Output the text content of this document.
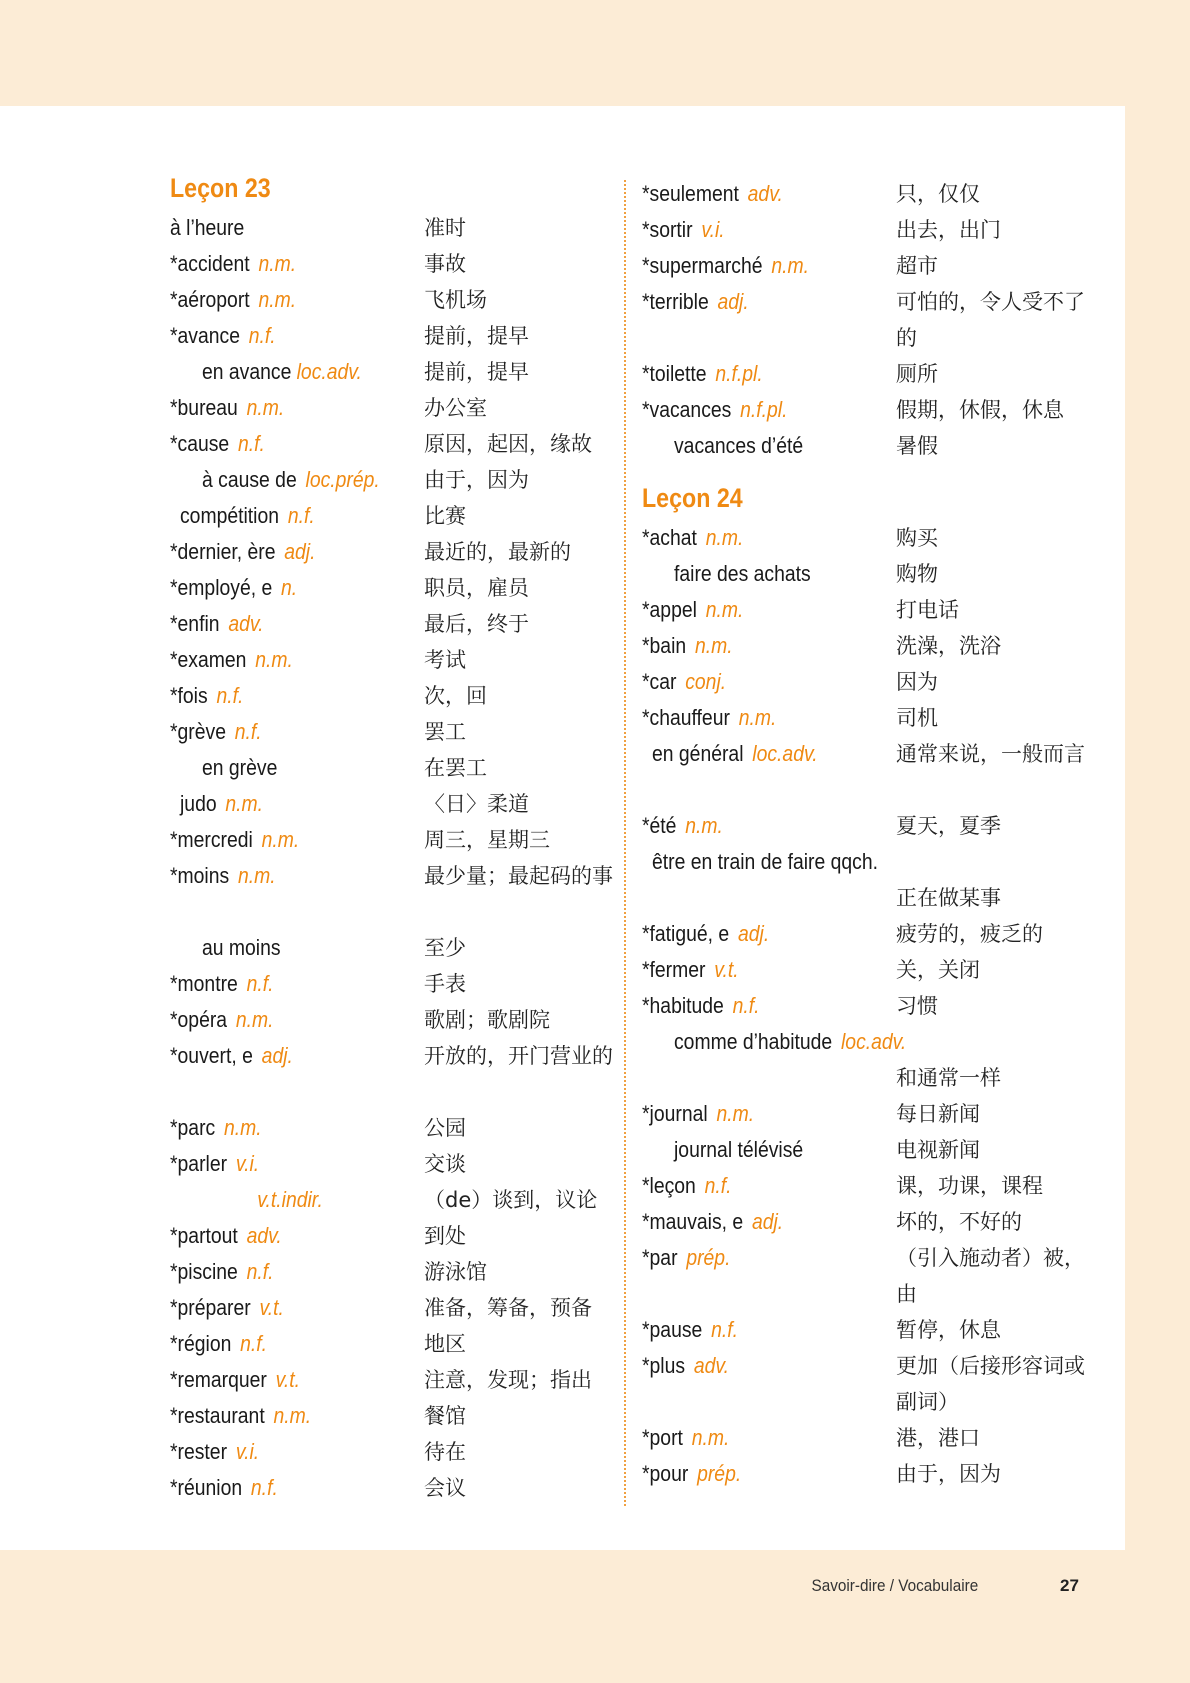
Leçon 23
à l’heure	准时
*accident n.m.	事故
*aéroport n.m.	飞机场
*avance n.f.	提前，提早
en avance loc.adv.	提前，提早
*bureau n.m.	办公室
*cause n.f.	原因，起因，缘故
à cause de loc.prép. 由于，因为
compétition n.f.	比赛
*dernier, ère adj.	最近的，最新的
*employé, e n.	职员，雇员
*enfin adv.	最后，终于
*examen n.m.	考试
*fois n.f.	次，回
*grève n.f.	罢工
en grève	在罢工
judo n.m.	〈日〉柔道
*mercredi n.m.	周三，星期三
*moins n.m.	最少量；最起码的事
au moins	至少
*montre n.f.	手表
*opéra n.m.	歌剧；歌剧院
*ouvert, e adj.	开放的，开门营业的
*parc n.m.	公园
*parler v.i.	交谈
v.t.indir.	（de）谈到，议论
*partout adv.	到处
*piscine n.f.	游泳馆
*préparer v.t.	准备，筹备，预备
*région n.f.	地区
*remarquer v.t.	注意，发现；指出
*restaurant n.m.	餐馆
*rester v.i.	待在
*réunion n.f.	会议
*seulement adv.	只，仅仅
*sortir v.i.	出去，出门
*supermarché n.m.	超市
*terrible adj.	可怕的，令人受不了的
*toilette n.f.pl.	厕所
*vacances n.f.pl.	假期，休假，休息
vacances d’été	暑假
Leçon 24
*achat n.m.	购买
faire des achats	购物
*appel n.m.	打电话
*bain n.m.	洗澡，洗浴
*car conj.	因为
*chauffeur n.m.	司机
en général loc.adv.	通常来说，一般而言
*été n.m.	夏天，夏季
être en train de faire qqch.
正在做某事
*fatigué, e adj.	疲劳的，疲乏的
*fermer v.t.	关，关闭
*habitude n.f.	习惯
comme d’habitude loc.adv.
和通常一样
*journal n.m.	每日新闻
journal télévisé	电视新闻
*leçon n.f.	课，功课，课程
*mauvais, e adj.	坏的，不好的
*par prép.	（引入施动者）被，由
*pause n.f.	暂停，休息
*plus adv.	更加（后接形容词或副词）
*port n.m.	港，港口
*pour prép.	由于，因为
Savoir-dire / Vocabulaire	27
